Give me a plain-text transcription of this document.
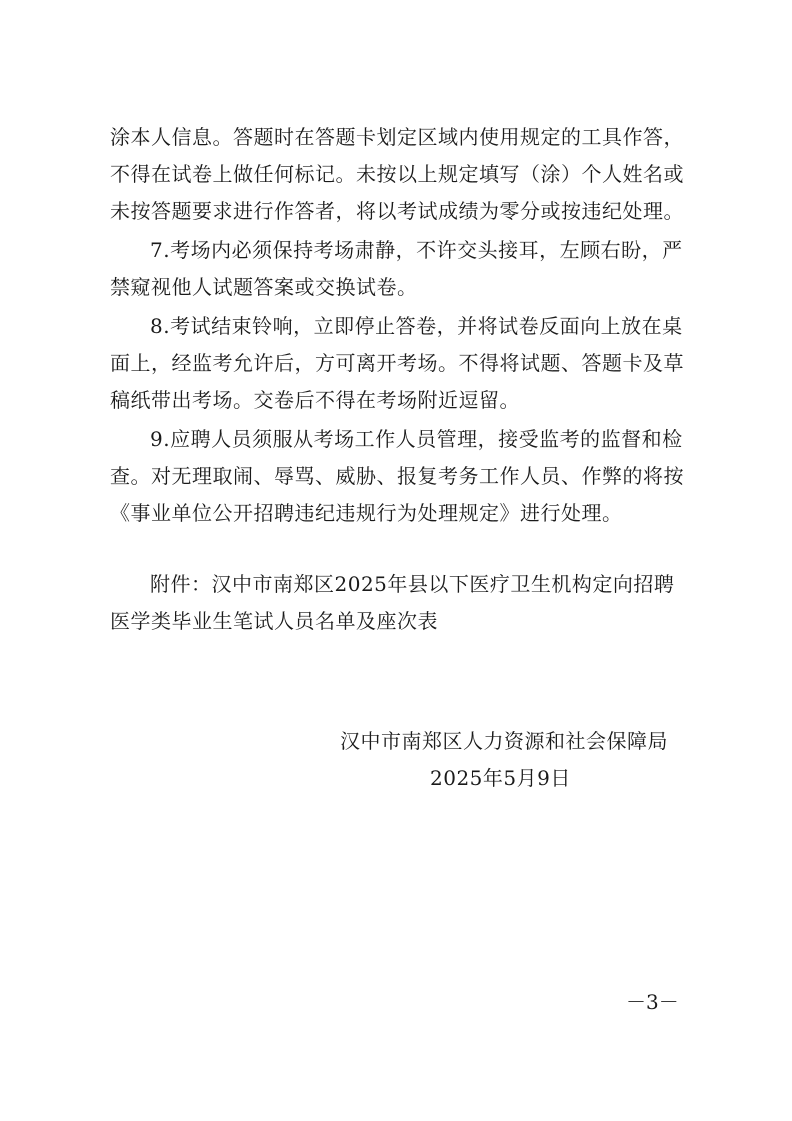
涂本人信息。答题时在答题卡划定区域内使用规定的工具作答，
不得在试卷上做任何标记。未按以上规定填写（涂）个人姓名或
未按答题要求进行作答者，将以考试成绩为零分或按违纪处理。
7.考场内必须保持考场肃静，不许交头接耳，左顾右盼，严
禁窥视他人试题答案或交换试卷。
8.考试结束铃响，立即停止答卷，并将试卷反面向上放在桌
面上，经监考允许后，方可离开考场。不得将试题、答题卡及草
稿纸带出考场。交卷后不得在考场附近逗留。
9.应聘人员须服从考场工作人员管理，接受监考的监督和检
查。对无理取闹、辱骂、威胁、报复考务工作人员、作弊的将按
《事业单位公开招聘违纪违规行为处理规定》进行处理。
附件：汉中市南郑区2025年县以下医疗卫生机构定向招聘
医学类毕业生笔试人员名单及座次表
汉中市南郑区人力资源和社会保障局
2025年5月9日
－3－
